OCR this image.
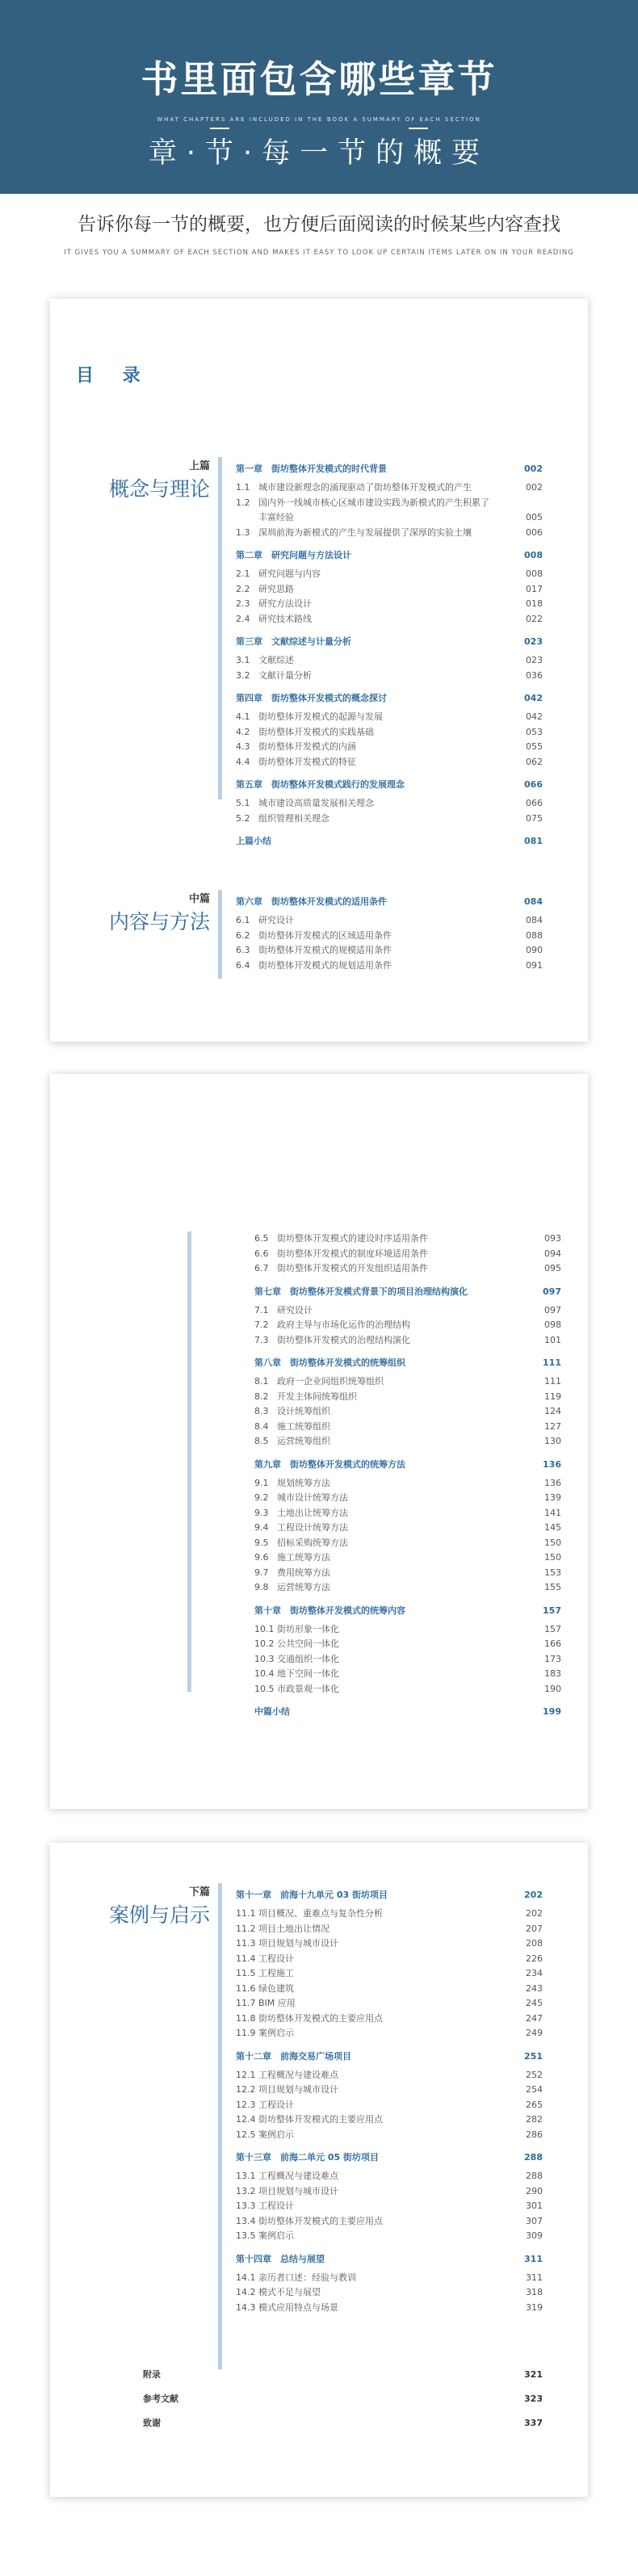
书里面包含哪些章节
WHAT CHAPTERS ARE INCLUDED IN THE BOOK A SUMMARY OF EACH SECTION
章·节·每一节的概要
告诉你每一节的概要，也方便后面阅读的时候某些内容查找
IT GIVES YOU A SUMMARY OF EACH SECTION AND MAKES IT EASY TO LOOK UP CERTAIN ITEMS LATER ON IN YOUR READING
目 录
上篇
概念与理论
第一章　街坊整体开发模式的时代背景	002
1.1 城市建设新理念的涌现驱动了街坊整体开发模式的产生	002
1.2 国内外一线城市核心区城市建设实践为新模式的产生积累了丰富经验	005
1.3 深圳前海为新模式的产生与发展提供了深厚的实验土壤	006
第二章　研究问题与方法设计	008
2.1 研究问题与内容	008
2.2 研究思路	017
2.3 研究方法设计	018
2.4 研究技术路线	022
第三章　文献综述与计量分析	023
3.1 文献综述	023
3.2 文献计量分析	036
第四章　街坊整体开发模式的概念探讨	042
4.1 街坊整体开发模式的起源与发展	042
4.2 街坊整体开发模式的实践基础	053
4.3 街坊整体开发模式的内涵	055
4.4 街坊整体开发模式的特征	062
第五章　街坊整体开发模式践行的发展理念	066
5.1 城市建设高质量发展相关理念	066
5.2 组织管理相关理念	075
上篇小结	081
中篇
内容与方法
第六章　街坊整体开发模式的适用条件	084
6.1 研究设计	084
6.2 街坊整体开发模式的区域适用条件	088
6.3 街坊整体开发模式的规模适用条件	090
6.4 街坊整体开发模式的规划适用条件	091
6.5 街坊整体开发模式的建设时序适用条件	093
6.6 街坊整体开发模式的制度环境适用条件	094
6.7 街坊整体开发模式的开发组织适用条件	095
第七章　街坊整体开发模式背景下的项目治理结构演化	097
7.1 研究设计	097
7.2 政府主导与市场化运作的治理结构	098
7.3 街坊整体开发模式的治理结构演化	101
第八章　街坊整体开发模式的统筹组织	111
8.1 政府一企业间组织统筹组织	111
8.2 开发主体间统筹组织	119
8.3 设计统筹组织	124
8.4 施工统筹组织	127
8.5 运营统筹组织	130
第九章　街坊整体开发模式的统筹方法	136
9.1 规划统筹方法	136
9.2 城市设计统筹方法	139
9.3 土地出让统筹方法	141
9.4 工程设计统筹方法	145
9.5 招标采购统筹方法	150
9.6 施工统筹方法	150
9.7 费用统筹方法	153
9.8 运营统筹方法	155
第十章　街坊整体开发模式的统筹内容	157
10.1 街坊形象一体化	157
10.2 公共空间一体化	166
10.3 交通组织一体化	173
10.4 地下空间一体化	183
10.5 市政景观一体化	190
中篇小结	199
下篇
案例与启示
第十一章　前海十九单元 03 街坊项目	202
11.1 项目概况、重难点与复杂性分析	202
11.2 项目土地出让情况	207
11.3 项目规划与城市设计	208
11.4 工程设计	226
11.5 工程施工	234
11.6 绿色建筑	243
11.7 BIM 应用	245
11.8 街坊整体开发模式的主要应用点	247
11.9 案例启示	249
第十二章　前海交易广场项目	251
12.1 工程概况与建设难点	252
12.2 项目规划与城市设计	254
12.3 工程设计	265
12.4 街坊整体开发模式的主要应用点	282
12.5 案例启示	286
第十三章　前海二单元 05 街坊项目	288
13.1 工程概况与建设难点	288
13.2 项目规划与城市设计	290
13.3 工程设计	301
13.4 街坊整体开发模式的主要应用点	307
13.5 案例启示	309
第十四章　总结与展望	311
14.1 亲历者口述：经验与教训	311
14.2 模式不足与展望	318
14.3 模式应用特点与场景	319
附录	321
参考文献	323
致谢	337
